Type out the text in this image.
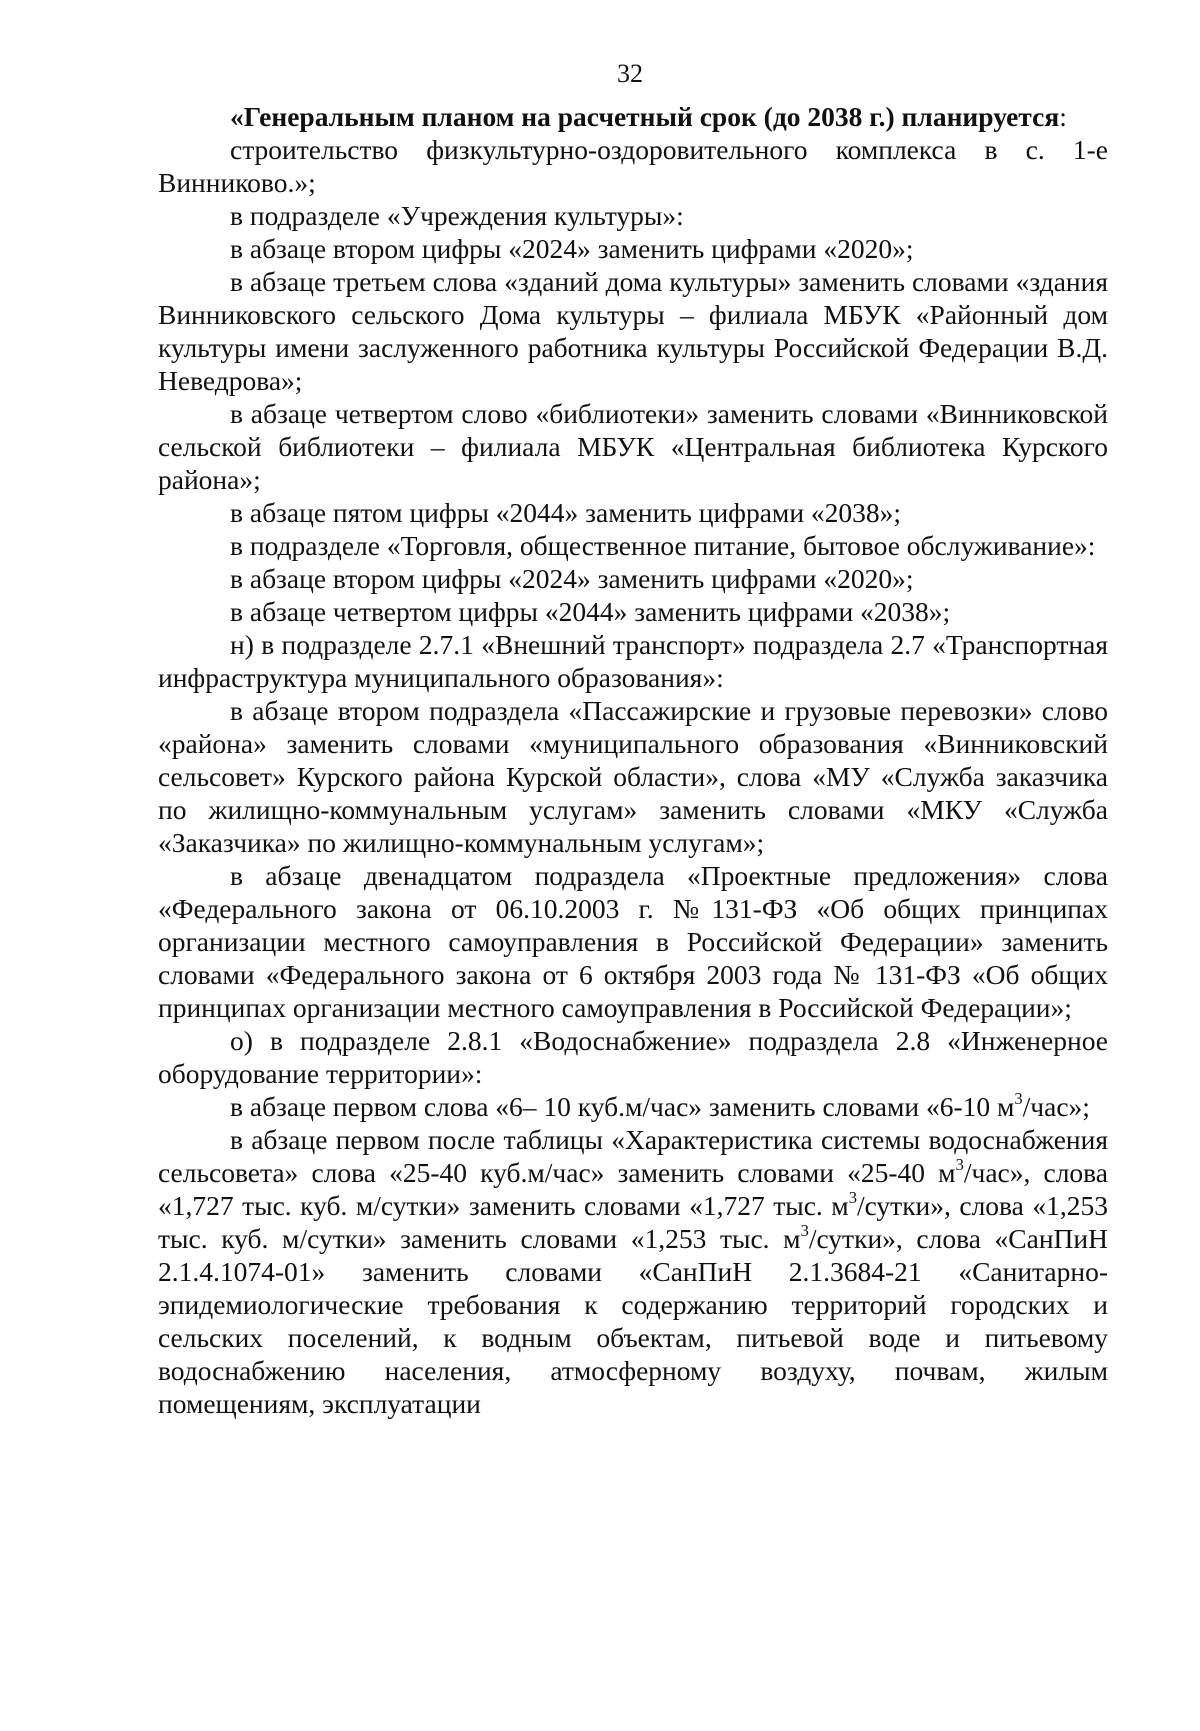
32

«Генеральным планом на расчетный срок (до 2038 г.) планируется:

строительство физкультурно-оздоровительного комплекса в с. 1-е Винниково.»;

в подразделе «Учреждения культуры»:

в абзаце втором цифры «2024» заменить цифрами «2020»;

в абзаце третьем слова «зданий дома культуры» заменить словами «здания Винниковского сельского Дома культуры – филиала МБУК «Районный дом культуры имени заслуженного работника культуры Российской Федерации В.Д. Неведрова»;

в абзаце четвертом слово «библиотеки» заменить словами «Винниковской сельской библиотеки – филиала МБУК «Центральная библиотека Курского района»;

в абзаце пятом цифры «2044» заменить цифрами «2038»;

в подразделе «Торговля, общественное питание, бытовое обслуживание»:

в абзаце втором цифры «2024» заменить цифрами «2020»;

в абзаце четвертом цифры «2044» заменить цифрами «2038»;

н) в подразделе 2.7.1 «Внешний транспорт» подраздела 2.7 «Транспортная инфраструктура муниципального образования»:

в абзаце втором подраздела «Пассажирские и грузовые перевозки» слово «района» заменить словами «муниципального образования «Винниковский сельсовет» Курского района Курской области», слова «МУ «Служба заказчика по жилищно-коммунальным услугам» заменить словами «МКУ «Служба «Заказчика» по жилищно-коммунальным услугам»;

в абзаце двенадцатом подраздела «Проектные предложения» слова «Федерального закона от 06.10.2003 г. №131-ФЗ «Об общих принципах организации местного самоуправления в Российской Федерации» заменить словами «Федерального закона от 6 октября 2003 года № 131-ФЗ «Об общих принципах организации местного самоуправления в Российской Федерации»;

о) в подразделе 2.8.1 «Водоснабжение» подраздела 2.8 «Инженерное оборудование территории»:

в абзаце первом слова «6– 10 куб.м/час» заменить словами «6-10 $м^3$/час»;

в абзаце первом после таблицы «Характеристика системы водоснабжения сельсовета» слова «25-40 куб.м/час» заменить словами «25-40 $м^3$/час», слова «1,727 тыс. куб. м/сутки» заменить словами «1,727 тыс. $м^3$/сутки», слова «1,253 тыс. куб. м/сутки» заменить словами «1,253 тыс. $м^3$/сутки», слова «СанПиН 2.1.4.1074-01» заменить словами «СанПиН 2.1.3684-21 «Санитарно-эпидемиологические требования к содержанию территорий городских и сельских поселений, к водным объектам, питьевой воде и питьевому водоснабжению населения, атмосферному воздуху, почвам, жилым помещениям, эксплуатации
